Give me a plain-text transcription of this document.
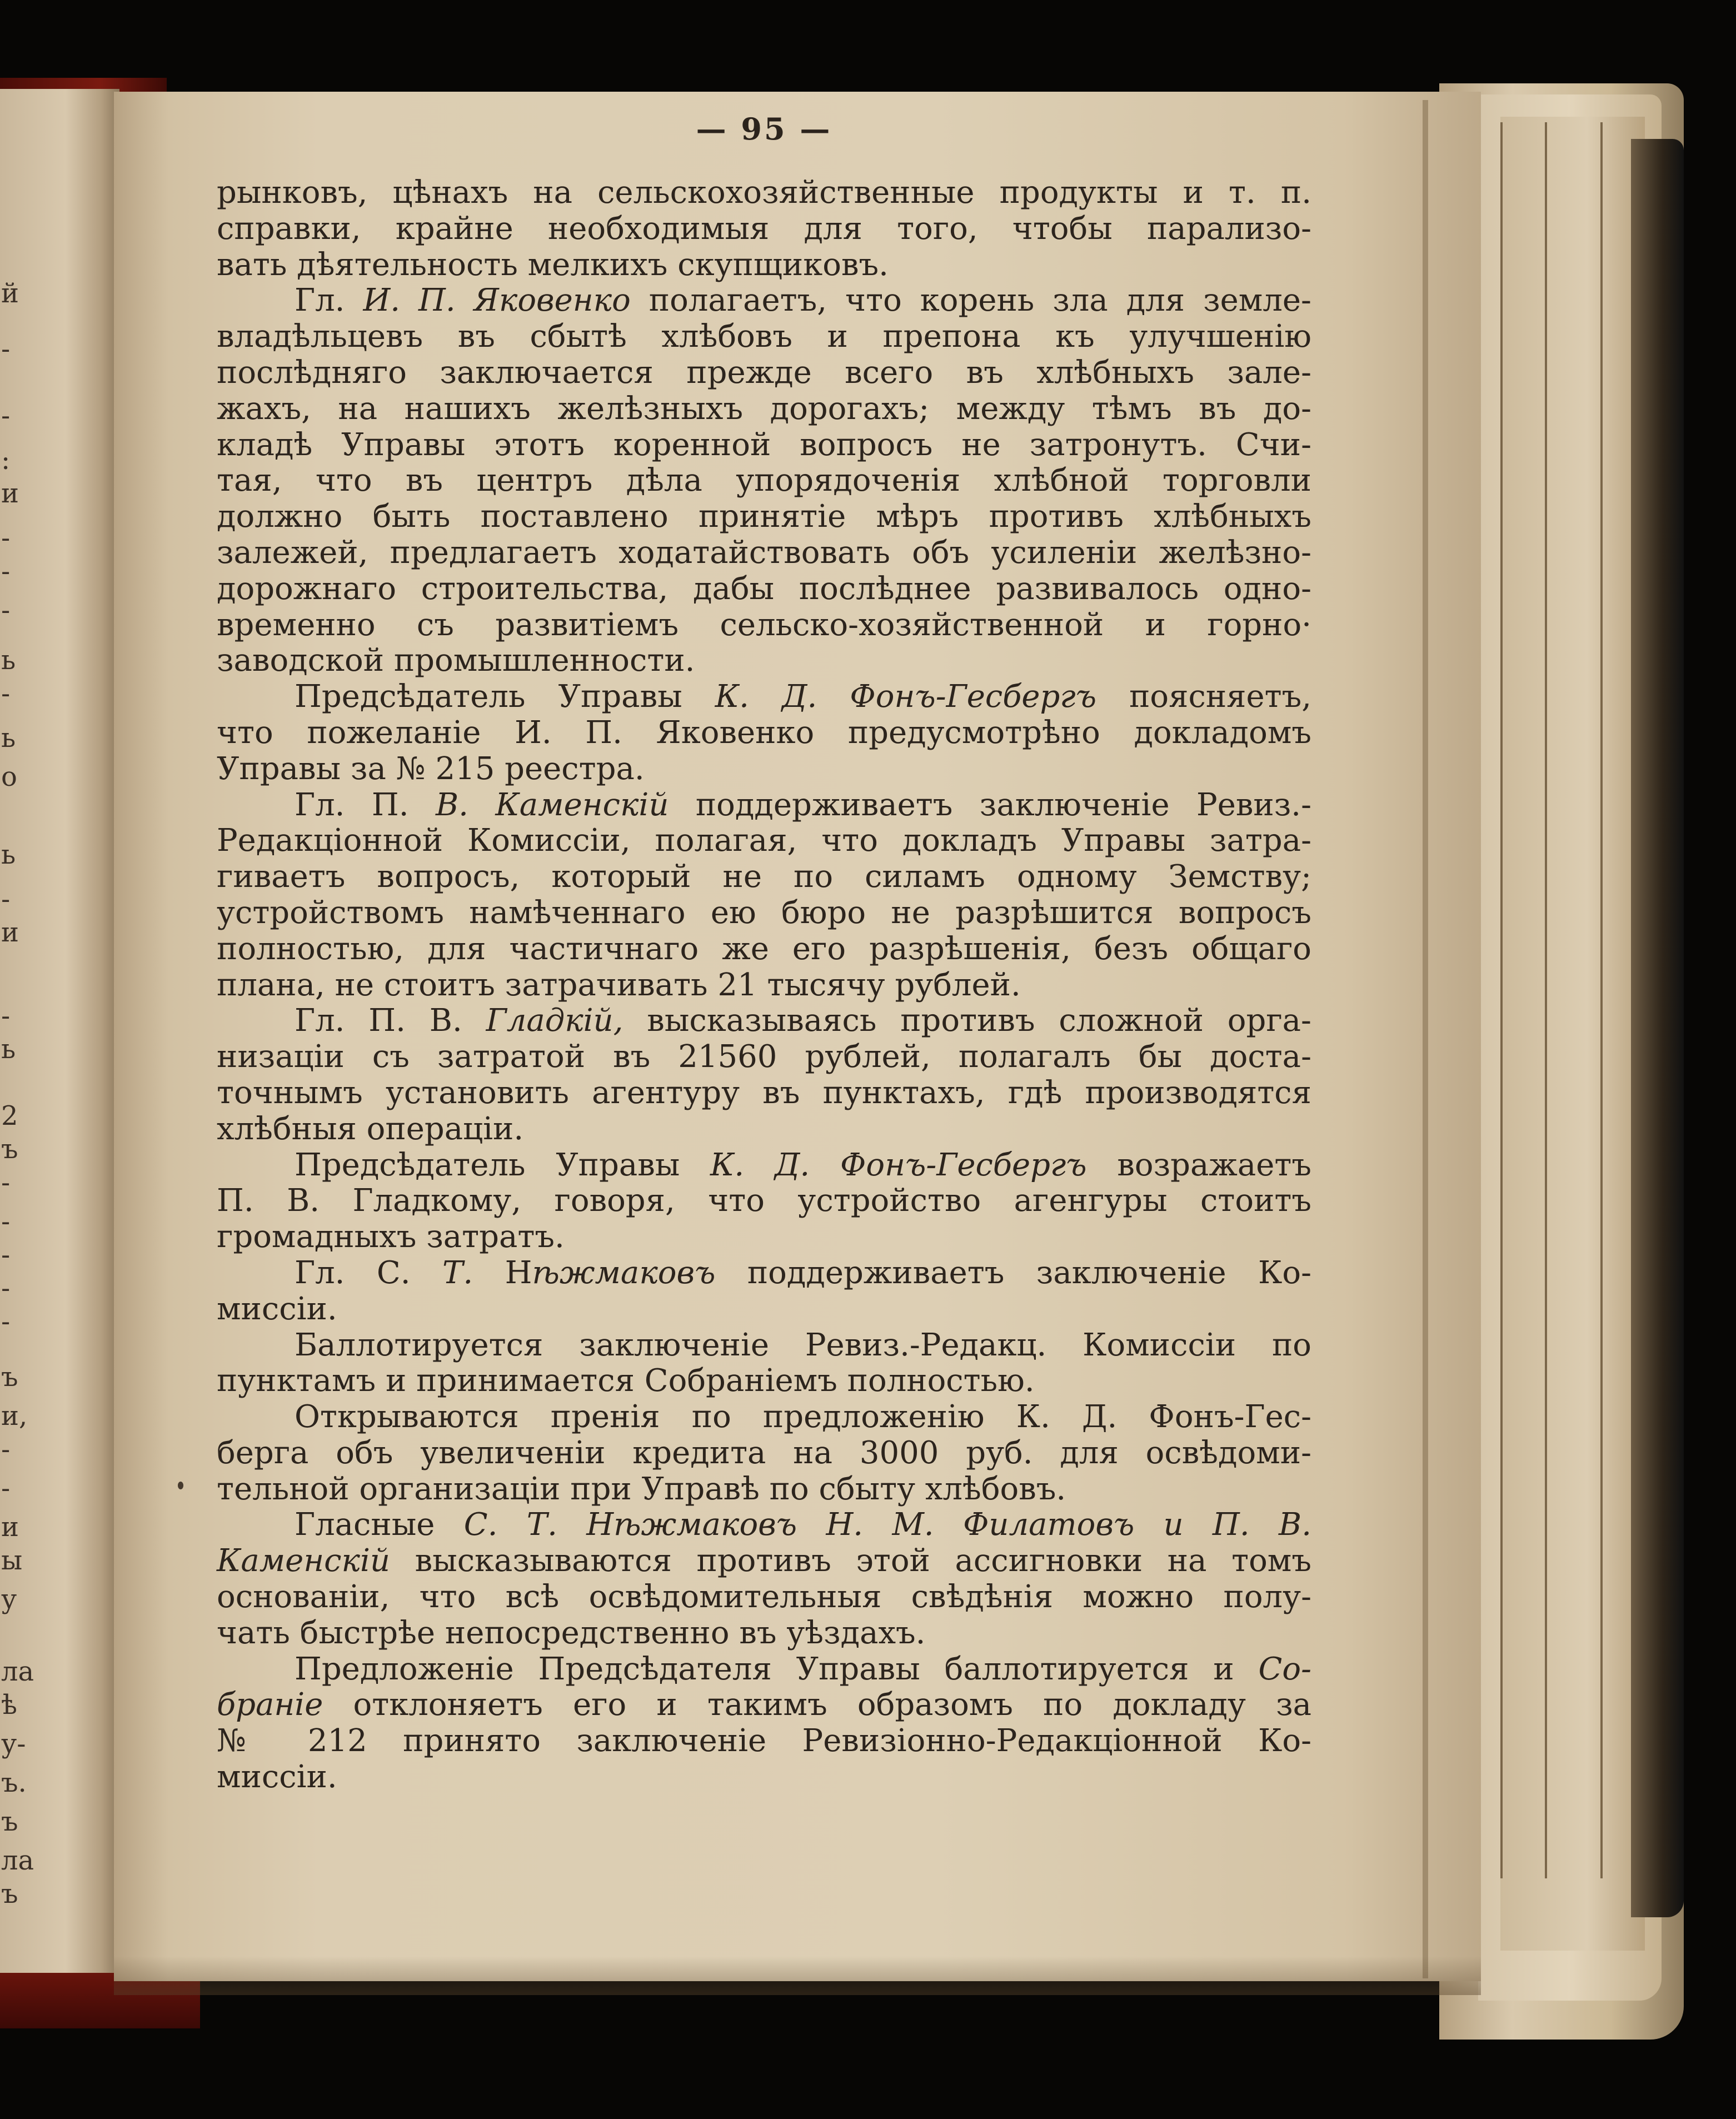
й
-
-
:
и
-
-
-
ь
-
ь
о
ь
-
и
-
ь
2
ъ
-
-
-
-
-
ъ
и,
-
-
и
ы
у
ла
ѣ
у-
ъ.
ъ
ла
ъ
— 95 —
рынковъ, цѣнахъ на сельскохозяйственные продукты и т. п.
справки, крайне необходимыя для того, чтобы парализо-
вать дѣятельность мелкихъ скупщиковъ.
Гл. И. П. Яковенко полагаетъ, что корень зла для земле-
владѣльцевъ въ сбытѣ хлѣбовъ и препона къ улучшенію
послѣдняго заключается прежде всего въ хлѣбныхъ зале-
жахъ, на нашихъ желѣзныхъ дорогахъ; между тѣмъ въ до-
кладѣ Управы этотъ коренной вопросъ не затронутъ. Счи-
тая, что въ центръ дѣла упорядоченія хлѣбной торговли
должно быть поставлено принятіе мѣръ противъ хлѣбныхъ
залежей, предлагаетъ ходатайствовать объ усиленіи желѣзно-
дорожнаго строительства, дабы послѣднее развивалось одно-
временно съ развитіемъ сельско-хозяйственной и горно·
заводской промышленности.
Предсѣдатель Управы К. Д. Фонъ-Гесбергъ поясняетъ,
что пожеланіе И. П. Яковенко предусмотрѣно докладомъ
Управы за № 215 реестра.
Гл. П. В. Каменскій поддерживаетъ заключеніе Ревиз.-
Редакціонной Комиссіи, полагая, что докладъ Управы затра-
гиваетъ вопросъ, который не по силамъ одному Земству;
устройствомъ намѣченнаго ею бюро не разрѣшится вопросъ
полностью, для частичнаго же его разрѣшенія, безъ общаго
плана, не стоитъ затрачивать 21 тысячу рублей.
Гл. П. В. Гладкій, высказываясь противъ сложной орга-
низаціи съ затратой въ 21560 рублей, полагалъ бы доста-
точнымъ установить агентуру въ пунктахъ, гдѣ производятся
хлѣбныя операціи.
Предсѣдатель Управы К. Д. Фонъ-Гесбергъ возражаетъ
П. В. Гладкому, говоря, что устройство агенгуры стоитъ
громадныхъ затратъ.
Гл. С. Т. Нѣжмаковъ поддерживаетъ заключеніе Ко-
миссіи.
Баллотируется заключеніе Ревиз.-Редакц. Комиссіи по
пунктамъ и принимается Собраніемъ полностью.
Открываются пренія по предложенію К. Д. Фонъ-Гес-
берга объ увеличеніи кредита на 3000 руб. для освѣдоми-
тельной организаціи при Управѣ по сбыту хлѣбовъ.
Гласные С. Т. Нѣжмаковъ Н. М. Филатовъ и П. В.
Каменскій высказываются противъ этой ассигновки на томъ
основаніи, что всѣ освѣдомительныя свѣдѣнія можно полу-
чать быстрѣе непосредственно въ уѣздахъ.
Предложеніе Предсѣдателя Управы баллотируется и Со-
браніе отклоняетъ его и такимъ образомъ по докладу за
№ 212 принято заключеніе Ревизіонно-Редакціонной Ко-
миссіи.
